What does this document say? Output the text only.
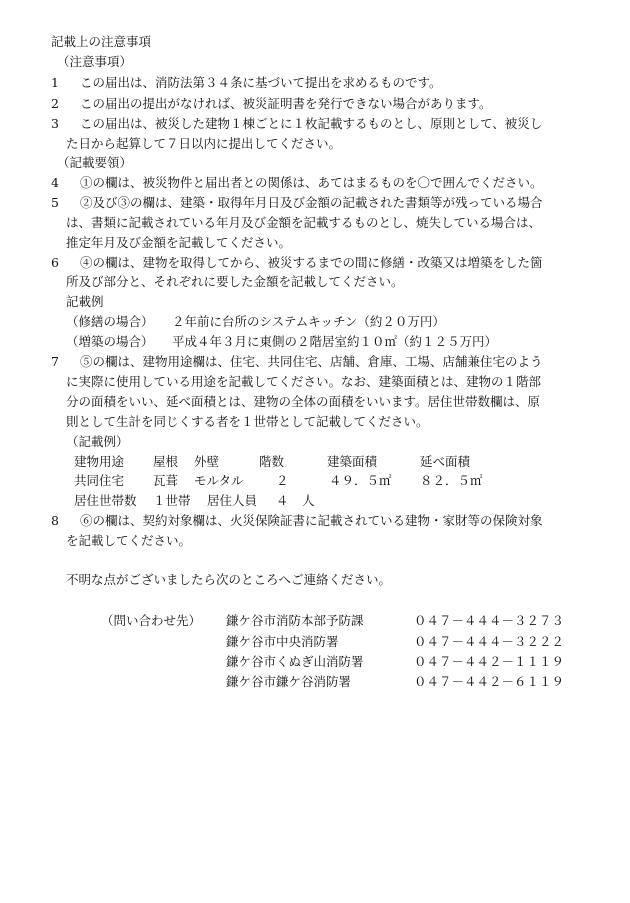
記載上の注意事項
（注意事項）
1 この届出は、消防法第３４条に基づいて提出を求めるものです。
2 この届出の提出がなければ、被災証明書を発行できない場合があります。
3 この届出は、被災した建物１棟ごとに１枚記載するものとし、原則として、被災し
た日から起算して７日以内に提出してください。
（記載要領）
4 ①の欄は、被災物件と届出者との関係は、あてはまるものを〇で囲んでください。
5 ②及び③の欄は、建築・取得年月日及び金額の記載された書類等が残っている場合
は、書類に記載されている年月及び金額を記載するものとし、焼失している場合は、
推定年月及び金額を記載してください。
6 ④の欄は、建物を取得してから、被災するまでの間に修繕・改築又は増築をした箇
所及び部分と、それぞれに要した金額を記載してください。
記載例
（修繕の場合） ２年前に台所のシステムキッチン（約２０万円）
（増築の場合） 平成４年３月に東側の２階居室約１０㎡（約１２５万円）
7 ⑤の欄は、建物用途欄は、住宅、共同住宅、店舗、倉庫、工場、店舗兼住宅のよう
に実際に使用している用途を記載してください。なお、建築面積とは、建物の１階部
分の面積をいい、延べ面積とは、建物の全体の面積をいいます。居住世帯数欄は、原
則として生計を同じくする者を１世帯として記載してください。
（記載例）
建物用途 屋根 外壁	階数	建築面積	延べ面積
共同住宅 瓦葺 モルタル	２	４９．５㎡ ８２．５㎡
居住世帯数 １世帯 居住人員 ４ 人
8 ⑥の欄は、契約対象欄は、火災保険証書に記載されている建物・家財等の保険対象
を記載してください。
不明な点がございましたら次のところへご連絡ください。
（問い合わせ先） 鎌ケ谷市消防本部予防課	０４７－４４４－３２７３
鎌ケ谷市中央消防署	０４７－４４４－３２２２
鎌ケ谷市くぬぎ山消防署	０４７－４４２－１１１９
鎌ケ谷市鎌ケ谷消防署	０４７－４４２－６１１９
